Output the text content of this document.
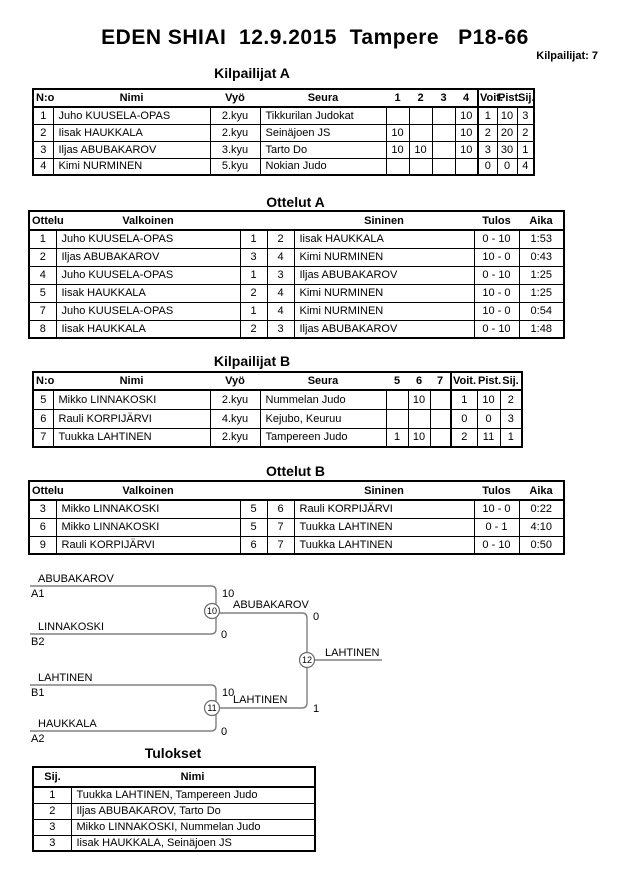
EDEN SHIAI  12.9.2015  Tampere   P18-66
Kilpailijat: 7
Kilpailijat A
N:o	Nimi	Vyö	Seura	1	2	3	4	Voit.	Pist.	Sij.
1	Juho KUUSELA-OPAS	2.kyu	Tikkurilan Judokat				10	1	10	3
2	Iisak HAUKKALA	2.kyu	Seinäjoen JS	10			10	2	20	2
3	Iljas ABUBAKAROV	3.kyu	Tarto Do	10	10		10	3	30	1
4	Kimi NURMINEN	5.kyu	Nokian Judo					0	0	4
Ottelut A
Ottelu	Valkoinen			Sininen	Tulos	Aika
1	Juho KUUSELA-OPAS	1	2	Iisak HAUKKALA	0 - 10	1:53
2	Iljas ABUBAKAROV	3	4	Kimi NURMINEN	10 - 0	0:43
4	Juho KUUSELA-OPAS	1	3	Iljas ABUBAKAROV	0 - 10	1:25
5	Iisak HAUKKALA	2	4	Kimi NURMINEN	10 - 0	1:25
7	Juho KUUSELA-OPAS	1	4	Kimi NURMINEN	10 - 0	0:54
8	Iisak HAUKKALA	2	3	Iljas ABUBAKAROV	0 - 10	1:48
Kilpailijat B
N:o	Nimi	Vyö	Seura	5	6	7	Voit.	Pist.	Sij.
5	Mikko LINNAKOSKI	2.kyu	Nummelan Judo		10		1	10	2
6	Rauli KORPIJÄRVI	4.kyu	Kejubo, Keuruu				0	0	3
7	Tuukka LAHTINEN	2.kyu	Tampereen Judo	1	10		2	11	1
Ottelut B
Ottelu	Valkoinen			Sininen	Tulos	Aika
3	Mikko LINNAKOSKI	5	6	Rauli KORPIJÄRVI	10 - 0	0:22
6	Mikko LINNAKOSKI	5	7	Tuukka LAHTINEN	0 - 1	4:10
9	Rauli KORPIJÄRVI	6	7	Tuukka LAHTINEN	0 - 10	0:50
10
11
12
ABUBAKAROV
A1	10
LINNAKOSKI
B2
0
ABUBAKAROV
0
LAHTINEN
LAHTINEN
B1	10
HAUKKALA
A2
0
LAHTINEN
1
Tulokset
Sij.	Nimi
1	Tuukka LAHTINEN, Tampereen Judo
2	Iljas ABUBAKAROV, Tarto Do
3	Mikko LINNAKOSKI, Nummelan Judo
3	Iisak HAUKKALA, Seinäjoen JS
